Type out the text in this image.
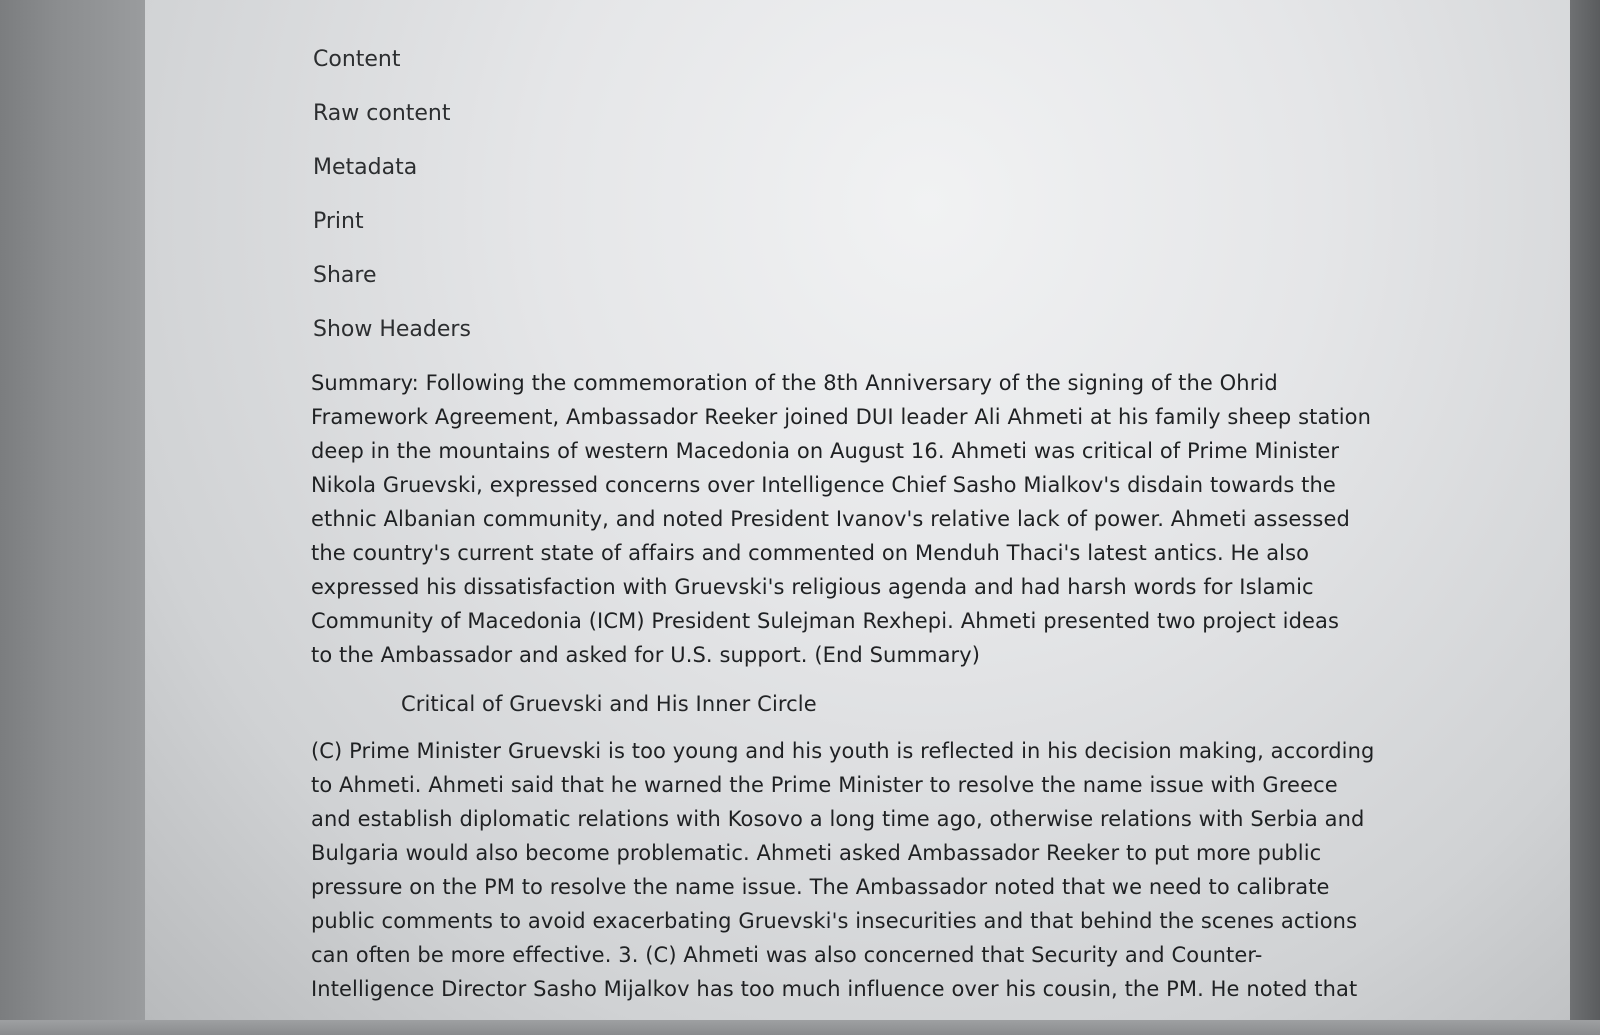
Content
Raw content
Metadata
Print
Share
Show Headers
Summary: Following the commemoration of the 8th Anniversary of the signing of the Ohrid
Framework Agreement, Ambassador Reeker joined DUI leader Ali Ahmeti at his family sheep station
deep in the mountains of western Macedonia on August 16. Ahmeti was critical of Prime Minister
Nikola Gruevski, expressed concerns over Intelligence Chief Sasho Mialkov's disdain towards the
ethnic Albanian community, and noted President Ivanov's relative lack of power. Ahmeti assessed
the country's current state of affairs and commented on Menduh Thaci's latest antics. He also
expressed his dissatisfaction with Gruevski's religious agenda and had harsh words for Islamic
Community of Macedonia (ICM) President Sulejman Rexhepi. Ahmeti presented two project ideas
to the Ambassador and asked for U.S. support. (End Summary)
Critical of Gruevski and His Inner Circle
(C) Prime Minister Gruevski is too young and his youth is reflected in his decision making, according
to Ahmeti. Ahmeti said that he warned the Prime Minister to resolve the name issue with Greece
and establish diplomatic relations with Kosovo a long time ago, otherwise relations with Serbia and
Bulgaria would also become problematic. Ahmeti asked Ambassador Reeker to put more public
pressure on the PM to resolve the name issue. The Ambassador noted that we need to calibrate
public comments to avoid exacerbating Gruevski's insecurities and that behind the scenes actions
can often be more effective. 3. (C) Ahmeti was also concerned that Security and Counter-
Intelligence Director Sasho Mijalkov has too much influence over his cousin, the PM. He noted that
